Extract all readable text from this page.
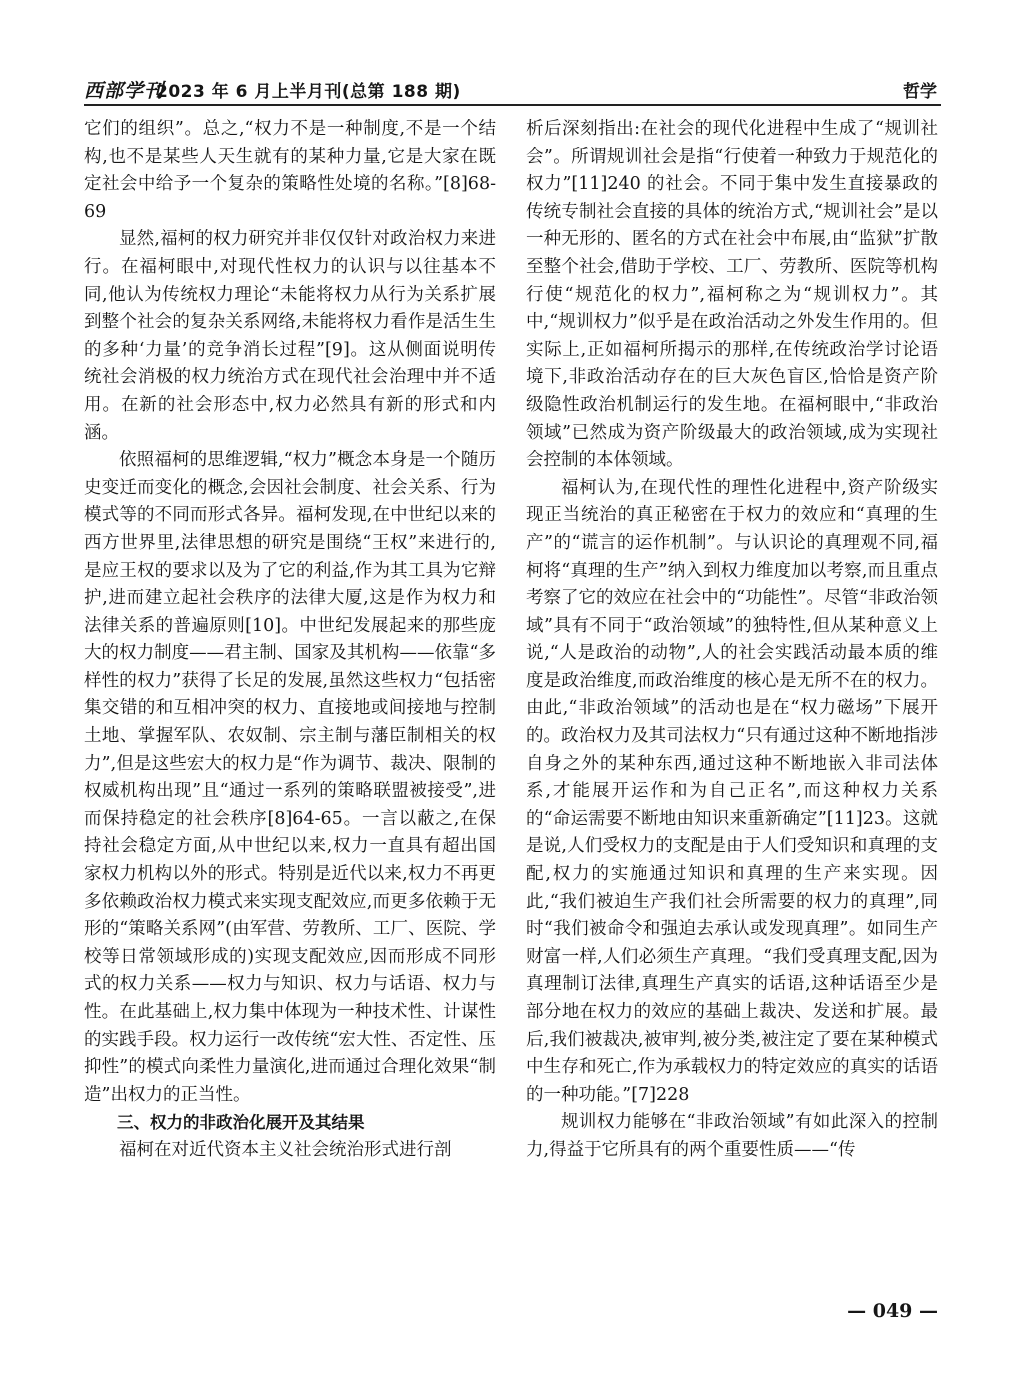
西部学刊
2023 年 6 月上半月刊(总第 188 期)	哲学

它们的组织”。总之,“权力不是一种制度,不是一个结构,也不是某些人天生就有的某种力量,它是大家在既定社会中给予一个复杂的策略性处境的名称。”[8]68-69

显然,福柯的权力研究并非仅仅针对政治权力来进行。在福柯眼中,对现代性权力的认识与以往基本不同,他认为传统权力理论“未能将权力从行为关系扩展到整个社会的复杂关系网络,未能将权力看作是活生生的多种‘力量’的竞争消长过程”[9]。这从侧面说明传统社会消极的权力统治方式在现代社会治理中并不适用。在新的社会形态中,权力必然具有新的形式和内涵。

依照福柯的思维逻辑,“权力”概念本身是一个随历史变迁而变化的概念,会因社会制度、社会关系、行为模式等的不同而形式各异。福柯发现,在中世纪以来的西方世界里,法律思想的研究是围绕“王权”来进行的,是应王权的要求以及为了它的利益,作为其工具为它辩护,进而建立起社会秩序的法律大厦,这是作为权力和法律关系的普遍原则[10]。中世纪发展起来的那些庞大的权力制度——君主制、国家及其机构——依靠“多样性的权力”获得了长足的发展,虽然这些权力“包括密集交错的和互相冲突的权力、直接地或间接地与控制土地、掌握军队、农奴制、宗主制与藩臣制相关的权力”,但是这些宏大的权力是“作为调节、裁决、限制的权威机构出现”且“通过一系列的策略联盟被接受”,进而保持稳定的社会秩序[8]64-65。一言以蔽之,在保持社会稳定方面,从中世纪以来,权力一直具有超出国家权力机构以外的形式。特别是近代以来,权力不再更多依赖政治权力模式来实现支配效应,而更多依赖于无形的“策略关系网”(由军营、劳教所、工厂、医院、学校等日常领域形成的)实现支配效应,因而形成不同形式的权力关系——权力与知识、权力与话语、权力与性。在此基础上,权力集中体现为一种技术性、计谋性的实践手段。权力运行一改传统“宏大性、否定性、压抑性”的模式向柔性力量演化,进而通过合理化效果“制造”出权力的正当性。

三、权力的非政治化展开及其结果

福柯在对近代资本主义社会统治形式进行剖

析后深刻指出:在社会的现代化进程中生成了“规训社会”。所谓规训社会是指“行使着一种致力于规范化的权力”[11]240 的社会。不同于集中发生直接暴政的传统专制社会直接的具体的统治方式,“规训社会”是以一种无形的、匿名的方式在社会中布展,由“监狱”扩散至整个社会,借助于学校、工厂、劳教所、医院等机构行使“规范化的权力”,福柯称之为“规训权力”。其中,“规训权力”似乎是在政治活动之外发生作用的。但实际上,正如福柯所揭示的那样,在传统政治学讨论语境下,非政治活动存在的巨大灰色盲区,恰恰是资产阶级隐性政治机制运行的发生地。在福柯眼中,“非政治领域”已然成为资产阶级最大的政治领域,成为实现社会控制的本体领域。

福柯认为,在现代性的理性化进程中,资产阶级实现正当统治的真正秘密在于权力的效应和“真理的生产”的“谎言的运作机制”。与认识论的真理观不同,福柯将“真理的生产”纳入到权力维度加以考察,而且重点考察了它的效应在社会中的“功能性”。尽管“非政治领域”具有不同于“政治领域”的独特性,但从某种意义上说,“人是政治的动物”,人的社会实践活动最本质的维度是政治维度,而政治维度的核心是无所不在的权力。由此,“非政治领域”的活动也是在“权力磁场”下展开的。政治权力及其司法权力“只有通过这种不断地指涉自身之外的某种东西,通过这种不断地嵌入非司法体系,才能展开运作和为自己正名”,而这种权力关系的“命运需要不断地由知识来重新确定”[11]23。这就是说,人们受权力的支配是由于人们受知识和真理的支配,权力的实施通过知识和真理的生产来实现。因此,“我们被迫生产我们社会所需要的权力的真理”,同时“我们被命令和强迫去承认或发现真理”。如同生产财富一样,人们必须生产真理。“我们受真理支配,因为真理制订法律,真理生产真实的话语,这种话语至少是部分地在权力的效应的基础上裁决、发送和扩展。最后,我们被裁决,被审判,被分类,被注定了要在某种模式中生存和死亡,作为承载权力的特定效应的真实的话语的一种功能。”[7]228

规训权力能够在“非政治领域”有如此深入的控制力,得益于它所具有的两个重要性质——“传

— 049 —
